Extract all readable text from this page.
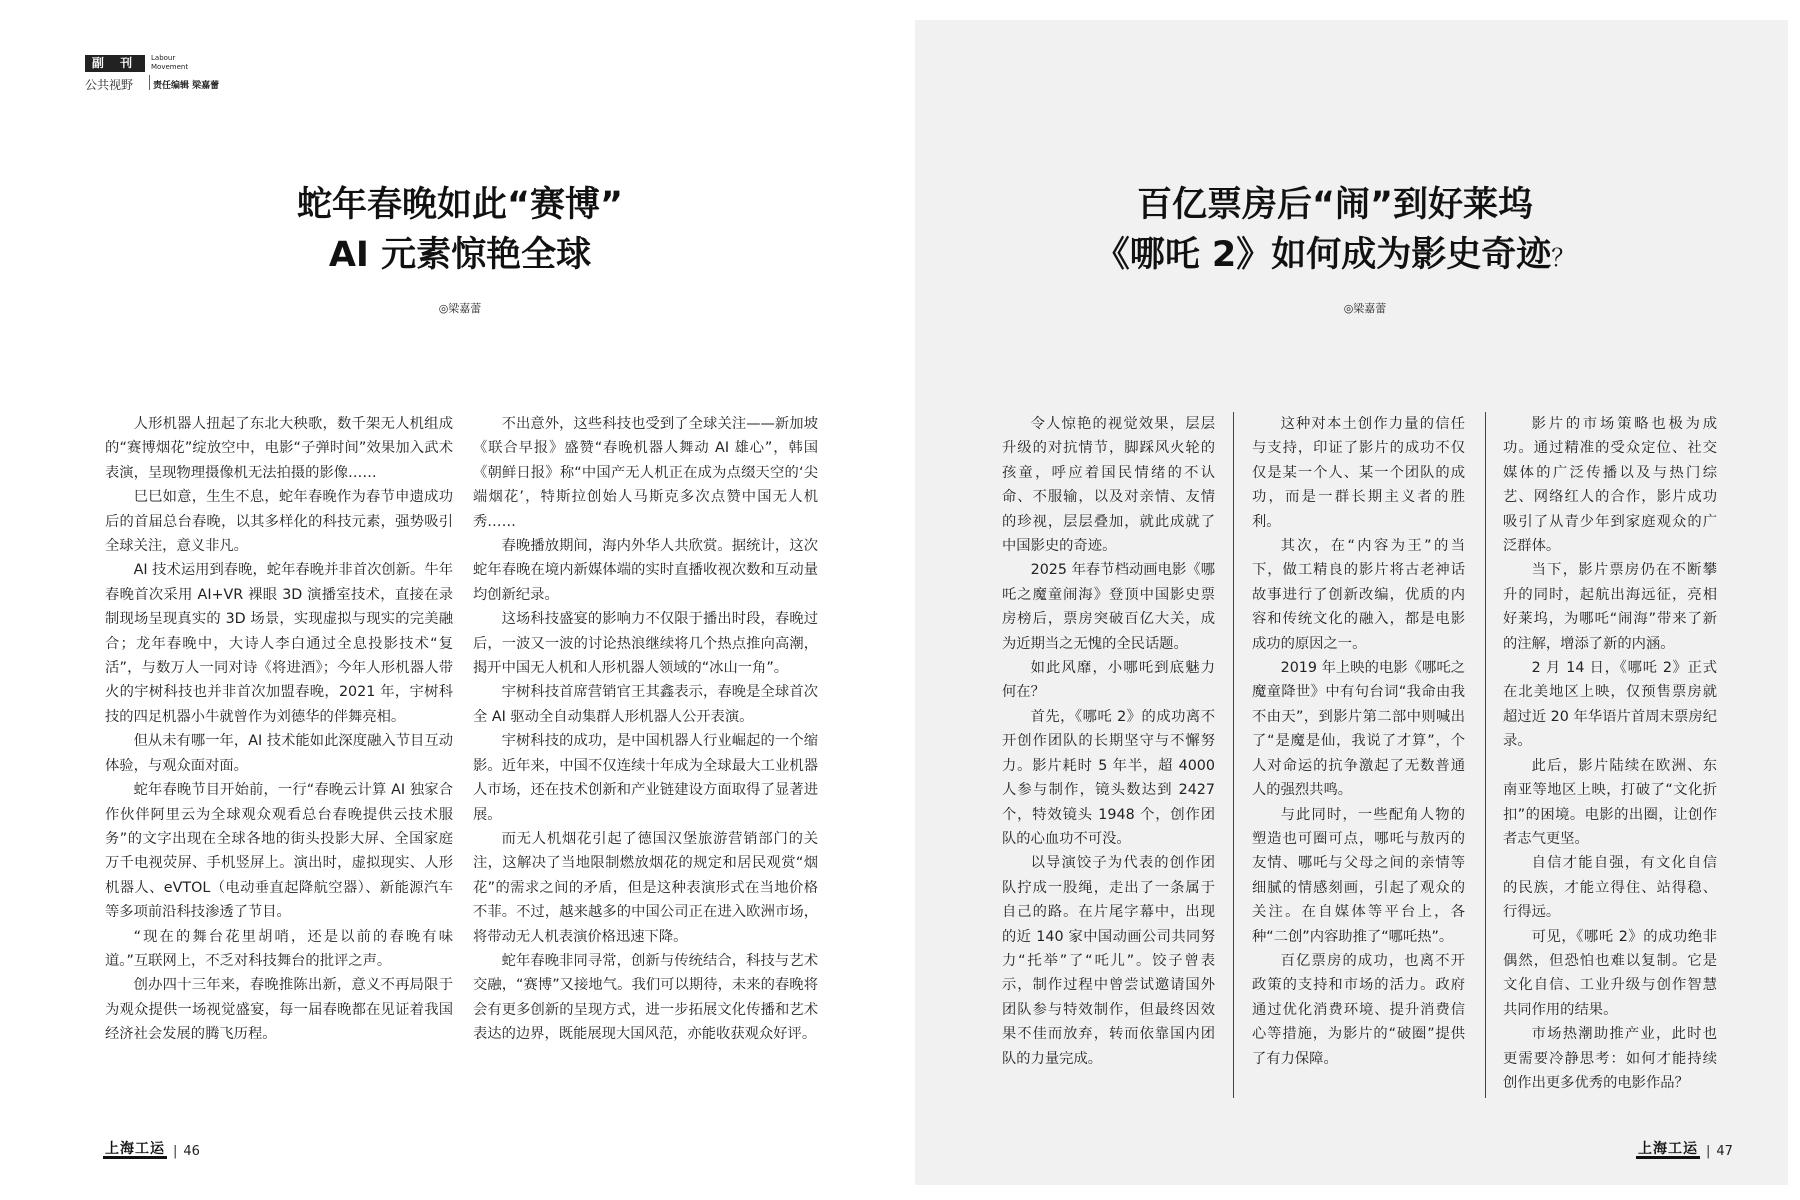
副 刊	Labour
Movement
公共视野 责任编辑 梁嘉蕾
蛇年春晚如此“赛博”
AI 元素惊艳全球
◎梁嘉蕾

人形机器人扭起了东北大秧歌，数千架无人机组成的“赛博烟花”绽放空中，电影“子弹时间”效果加入武术表演，呈现物理摄像机无法拍摄的影像……

巳巳如意，生生不息，蛇年春晚作为春节申遗成功后的首届总台春晚，以其多样化的科技元素，强势吸引全球关注，意义非凡。

AI 技术运用到春晚，蛇年春晚并非首次创新。牛年春晚首次采用 AI+VR 裸眼 3D 演播室技术，直接在录制现场呈现真实的 3D 场景，实现虚拟与现实的完美融合；龙年春晚中，大诗人李白通过全息投影技术“复活”，与数万人一同对诗《将进酒》；今年人形机器人带火的宇树科技也并非首次加盟春晚，2021 年，宇树科技的四足机器小牛就曾作为刘德华的伴舞亮相。

但从未有哪一年，AI 技术能如此深度融入节目互动体验，与观众面对面。

蛇年春晚节目开始前，一行“春晚云计算 AI 独家合作伙伴阿里云为全球观众观看总台春晚提供云技术服务”的文字出现在全球各地的街头投影大屏、全国家庭万千电视荧屏、手机竖屏上。演出时，虚拟现实、人形机器人、eVTOL（电动垂直起降航空器）、新能源汽车等多项前沿科技渗透了节目。

“现在的舞台花里胡哨，还是以前的春晚有味道。”互联网上，不乏对科技舞台的批评之声。

创办四十三年来，春晚推陈出新，意义不再局限于为观众提供一场视觉盛宴，每一届春晚都在见证着我国经济社会发展的腾飞历程。

不出意外，这些科技也受到了全球关注——新加坡《联合早报》盛赞“春晚机器人舞动 AI 雄心”，韩国《朝鲜日报》称“中国产无人机正在成为点缀天空的‘尖端烟花’，特斯拉创始人马斯克多次点赞中国无人机秀……

春晚播放期间，海内外华人共欣赏。据统计，这次蛇年春晚在境内新媒体端的实时直播收视次数和互动量均创新纪录。

这场科技盛宴的影响力不仅限于播出时段，春晚过后，一波又一波的讨论热浪继续将几个热点推向高潮，揭开中国无人机和人形机器人领域的“冰山一角”。

宇树科技首席营销官王其鑫表示，春晚是全球首次全 AI 驱动全自动集群人形机器人公开表演。

宇树科技的成功，是中国机器人行业崛起的一个缩影。近年来，中国不仅连续十年成为全球最大工业机器人市场，还在技术创新和产业链建设方面取得了显著进展。

而无人机烟花引起了德国汉堡旅游营销部门的关注，这解决了当地限制燃放烟花的规定和居民观赏“烟花”的需求之间的矛盾，但是这种表演形式在当地价格不菲。不过，越来越多的中国公司正在进入欧洲市场，将带动无人机表演价格迅速下降。

蛇年春晚非同寻常，创新与传统结合，科技与艺术交融，“赛博”又接地气。我们可以期待，未来的春晚将会有更多创新的呈现方式，进一步拓展文化传播和艺术表达的边界，既能展现大国风范，亦能收获观众好评。

百亿票房后“闹”到好莱坞
《哪吒 2》如何成为影史奇迹？
◎梁嘉蕾

令人惊艳的视觉效果，层层升级的对抗情节，脚踩风火轮的孩童，呼应着国民情绪的不认命、不服输，以及对亲情、友情的珍视，层层叠加，就此成就了中国影史的奇迹。

2025 年春节档动画电影《哪吒之魔童闹海》登顶中国影史票房榜后，票房突破百亿大关，成为近期当之无愧的全民话题。

如此风靡，小哪吒到底魅力何在？

首先，《哪吒 2》的成功离不开创作团队的长期坚守与不懈努力。影片耗时 5 年半，超 4000 人参与制作，镜头数达到 2427 个，特效镜头 1948 个，创作团队的心血功不可没。

以导演饺子为代表的创作团队拧成一股绳，走出了一条属于自己的路。在片尾字幕中，出现的近 140 家中国动画公司共同努力“托举”了“吒儿”。饺子曾表示，制作过程中曾尝试邀请国外团队参与特效制作，但最终因效果不佳而放弃，转而依靠国内团队的力量完成。

这种对本土创作力量的信任与支持，印证了影片的成功不仅仅是某一个人、某一个团队的成功，而是一群长期主义者的胜利。

其次，在“内容为王”的当下，做工精良的影片将古老神话故事进行了创新改编，优质的内容和传统文化的融入，都是电影成功的原因之一。

2019 年上映的电影《哪吒之魔童降世》中有句台词“我命由我不由天”，到影片第二部中则喊出了“是魔是仙，我说了才算”，个人对命运的抗争激起了无数普通人的强烈共鸣。

与此同时，一些配角人物的塑造也可圈可点，哪吒与敖丙的友情、哪吒与父母之间的亲情等细腻的情感刻画，引起了观众的关注。在自媒体等平台上，各种“二创”内容助推了“哪吒热”。

百亿票房的成功，也离不开政策的支持和市场的活力。政府通过优化消费环境、提升消费信心等措施，为影片的“破圈”提供了有力保障。

影片的市场策略也极为成功。通过精准的受众定位、社交媒体的广泛传播以及与热门综艺、网络红人的合作，影片成功吸引了从青少年到家庭观众的广泛群体。

当下，影片票房仍在不断攀升的同时，起航出海远征，亮相好莱坞，为哪吒“闹海”带来了新的注解，增添了新的内涵。

2 月 14 日，《哪吒 2》正式在北美地区上映，仅预售票房就超过近 20 年华语片首周末票房纪录。

此后，影片陆续在欧洲、东南亚等地区上映，打破了“文化折扣”的困境。电影的出圈，让创作者志气更坚。

自信才能自强，有文化自信的民族，才能立得住、站得稳、行得远。

可见，《哪吒 2》的成功绝非偶然，但恐怕也难以复制。它是文化自信、工业升级与创作智慧共同作用的结果。

市场热潮助推产业，此时也更需要冷静思考：如何才能持续创作出更多优秀的电影作品？

上海工运 | 46	上海工运 | 47
